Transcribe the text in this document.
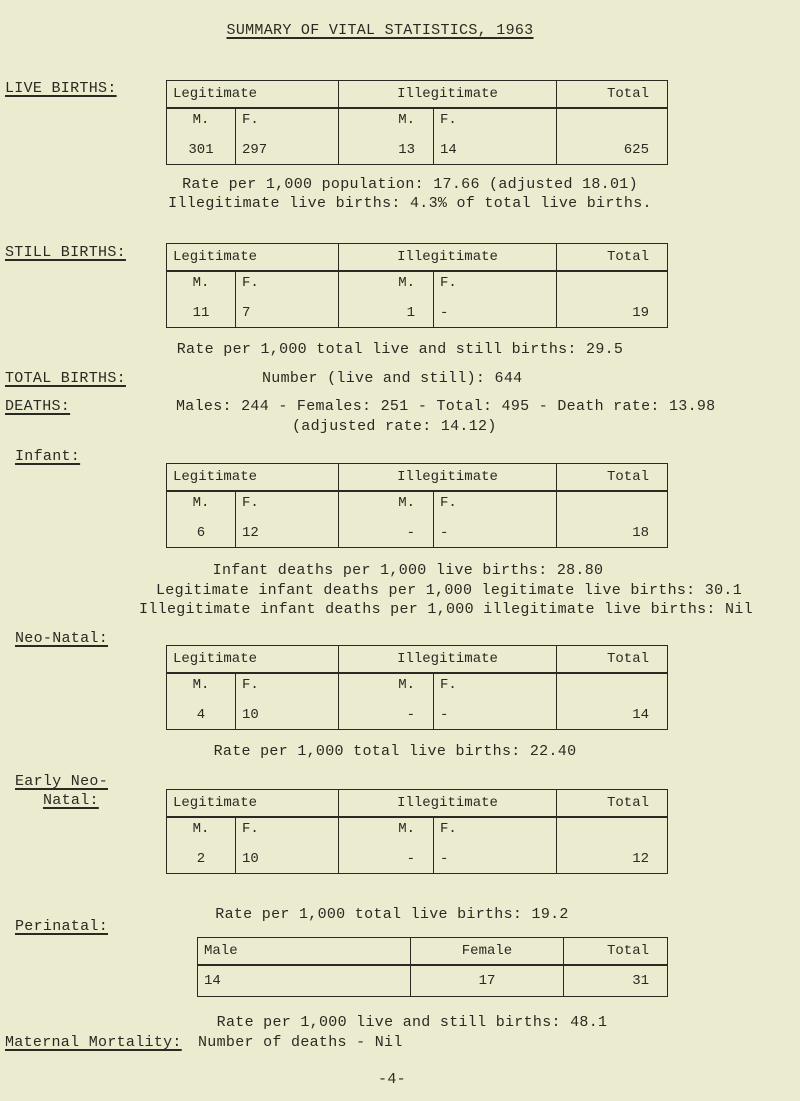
SUMMARY OF VITAL STATISTICS, 1963
LIVE BIRTHS:
STILL BIRTHS:
TOTAL BIRTHS:
DEATHS:
Infant:
Neo-Natal:
Early Neo-
Natal:
Perinatal:
Legitimate		Illegitimate		Total
M.	F.	M.	F.	
301	297	13	14	625
Rate per 1,000 population: 17.66 (adjusted 18.01)
Illegitimate live births: 4.3% of total live births.
Legitimate		Illegitimate		Total
M.	F.	M.	F.	
11	7	1	-	19
Rate per 1,000 total live and still births: 29.5
Number (live and still): 644
Males: 244 - Females: 251 - Total: 495 - Death rate: 13.98
(adjusted rate: 14.12)
Legitimate		Illegitimate		Total
M.	F.	M.	F.	
6	12	-	-	18
Infant deaths per 1,000 live births: 28.80
Legitimate infant deaths per 1,000 legitimate live births: 30.1
Illegitimate infant deaths per 1,000 illegitimate live births: Nil
Legitimate		Illegitimate		Total
M.	F.	M.	F.	
4	10	-	-	14
Rate per 1,000 total live births: 22.40
Legitimate		Illegitimate		Total
M.	F.	M.	F.	
2	10	-	-	12
Rate per 1,000 total live births: 19.2
Male	Female	Total
14	17	31
Rate per 1,000 live and still births: 48.1
Maternal Mortality: Number of deaths - Nil
-4-
